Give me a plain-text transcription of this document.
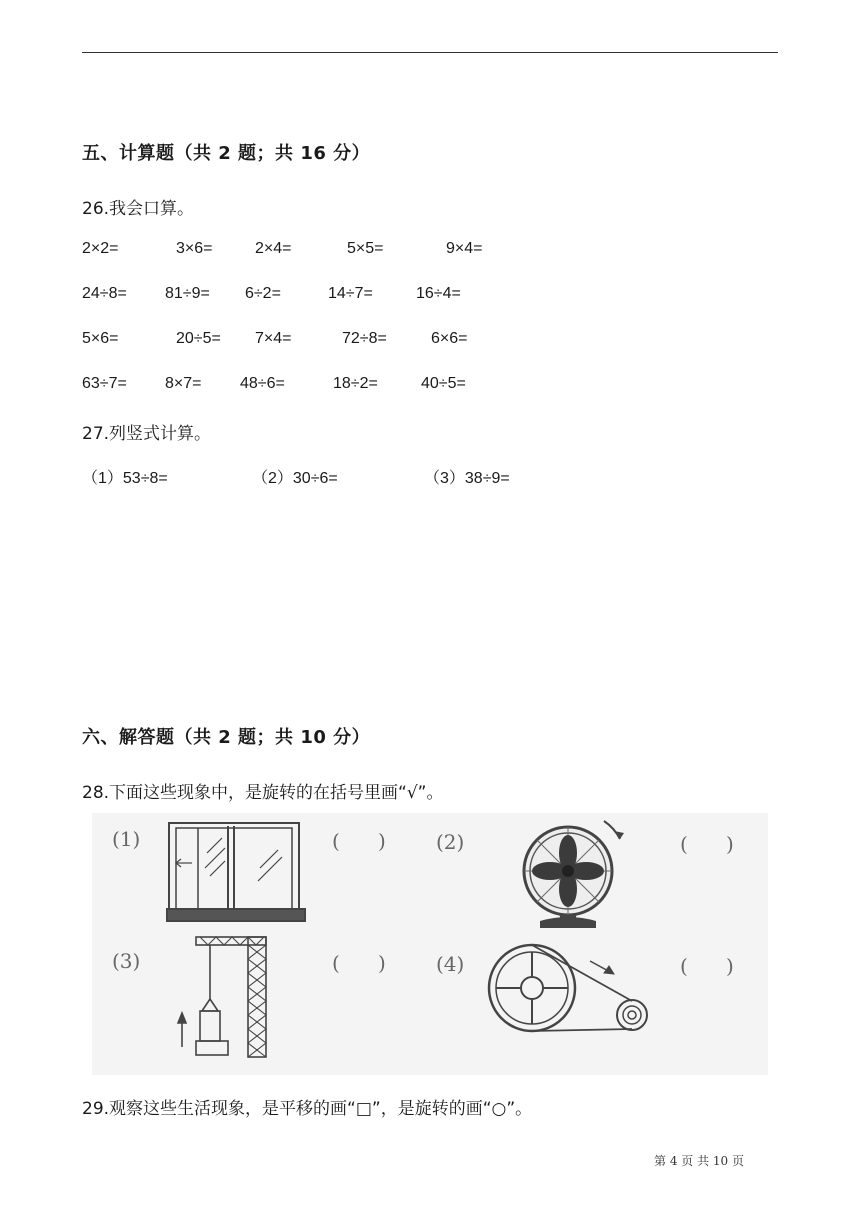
五、计算题（共 2 题；共 16 分）
26.我会口算。
2×2=	3×6=	2×4=	5×5=	9×4=
24÷8= 81÷9= 6÷2=	14÷7=	16÷4=
5×6=	20÷5= 7×4=	72÷8=	6×6=
63÷7= 8×7= 48÷6=	18÷2=	40÷5=
27.列竖式计算。
（1）53÷8=	（2）30÷6=	（3）38÷9=
六、解答题（共 2 题；共 10 分）
28.下面这些现象中，是旋转的在括号里画“√”。
(1)	(2)
(3)	(4)
(      )	(      )
(      )	(      )
29.观察这些生活现象，是平移的画“□”，是旋转的画“○”。
第 4 页 共 10 页
